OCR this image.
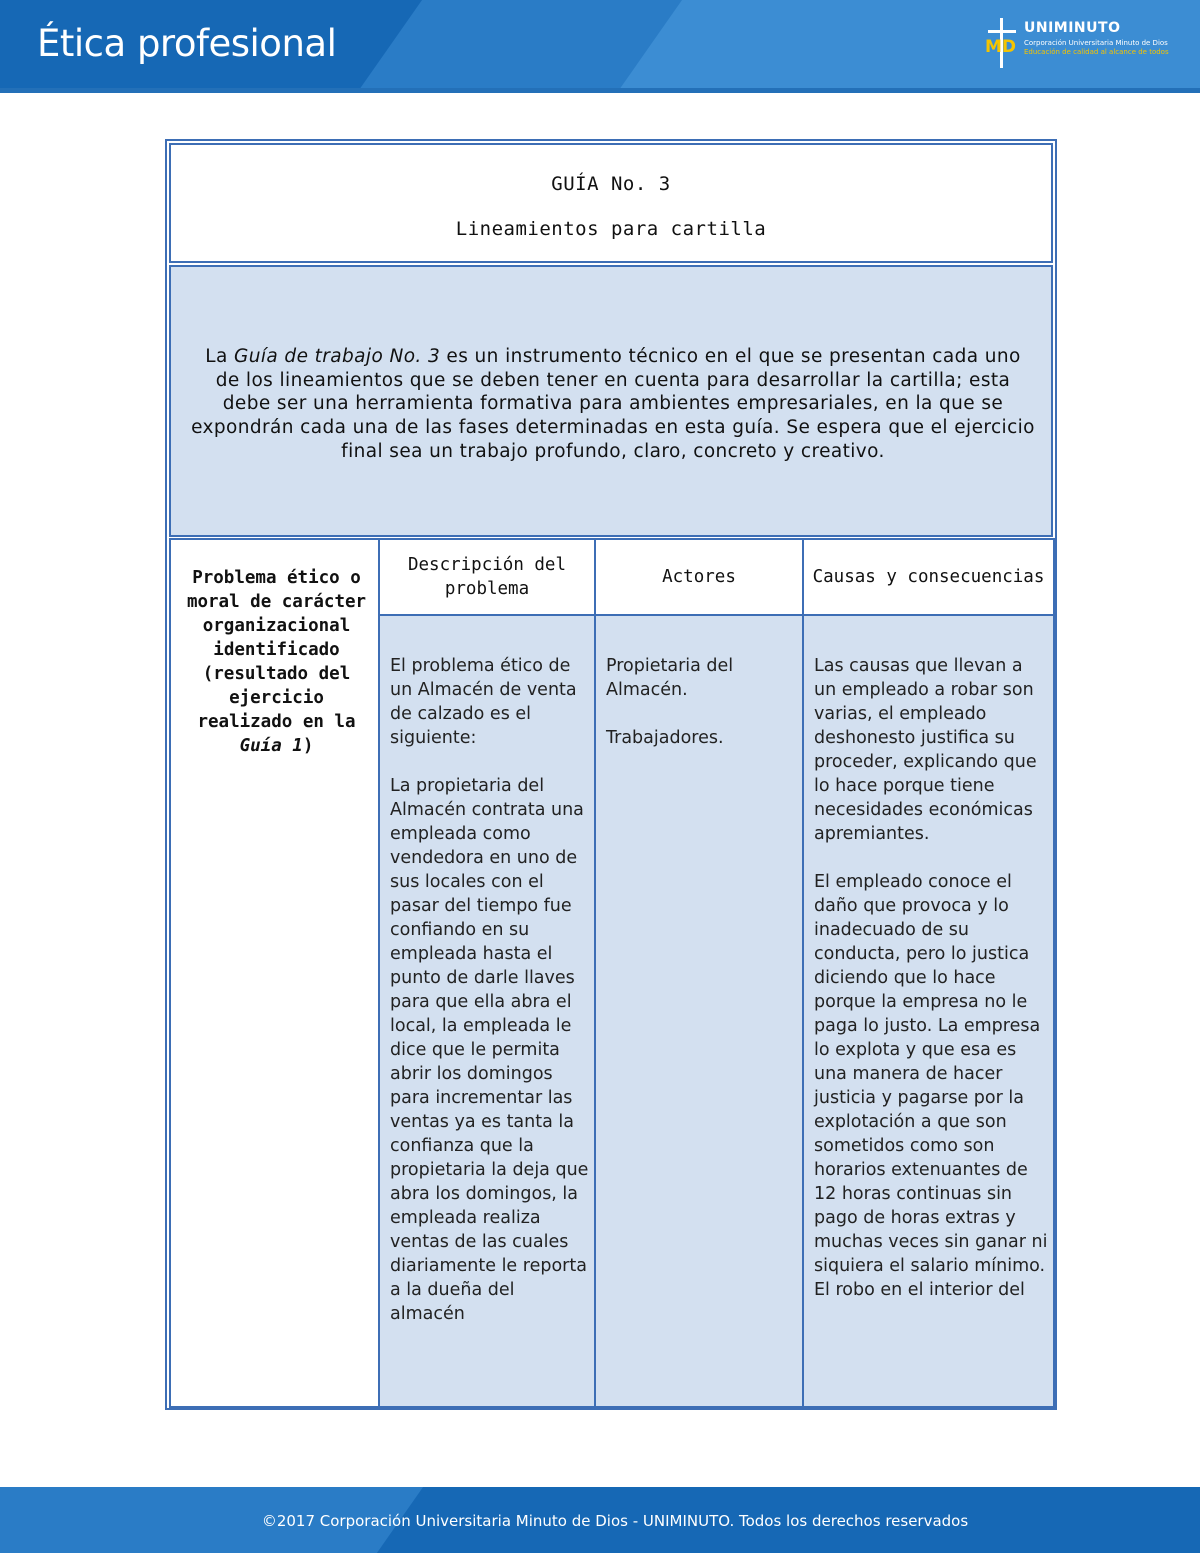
Ética profesional	MD
UNIMINUTO
Corporación Universitaria Minuto de Dios
Educación de calidad al alcance de todos
GUÍA No. 3
Lineamientos para cartilla
La Guía de trabajo No. 3 es un instrumento técnico en el que se presentan cada uno de los lineamientos que se deben tener en cuenta para desarrollar la cartilla; esta debe ser una herramienta formativa para ambientes empresariales, en la que se expondrán cada una de las fases determinadas en esta guía. Se espera que el ejercicio final sea un trabajo profundo, claro, concreto y creativo.
Problema ético o moral de carácter organizacional identificado (resultado del ejercicio realizado en la Guía 1)
Descripción del problema
El problema ético de un Almacén de venta de calzado es el siguiente:

La propietaria del Almacén contrata una empleada como vendedora en uno de sus locales con el pasar del tiempo fue confiando en su empleada hasta el punto de darle llaves para que ella abra el local, la empleada le dice que le permita abrir los domingos para incrementar las ventas ya es tanta la confianza que la propietaria la deja que abra los domingos, la empleada realiza ventas de las cuales diariamente le reporta a la dueña del almacén
Actores
Propietaria del Almacén.

Trabajadores.
Causas y consecuencias
Las causas que llevan a un empleado a robar son varias, el empleado deshonesto justifica su proceder, explicando que lo hace porque tiene necesidades económicas apremiantes.

El empleado conoce el daño que provoca y lo inadecuado de su conducta, pero lo justica diciendo que lo hace porque la empresa no le paga lo justo. La empresa lo explota y que esa es una manera de hacer justicia y pagarse por la explotación a que son sometidos como son horarios extenuantes de 12 horas continuas sin pago de horas extras y muchas veces sin ganar ni siquiera el salario mínimo. El robo en el interior del
©2017 Corporación Universitaria Minuto de Dios - UNIMINUTO. Todos los derechos reservados
